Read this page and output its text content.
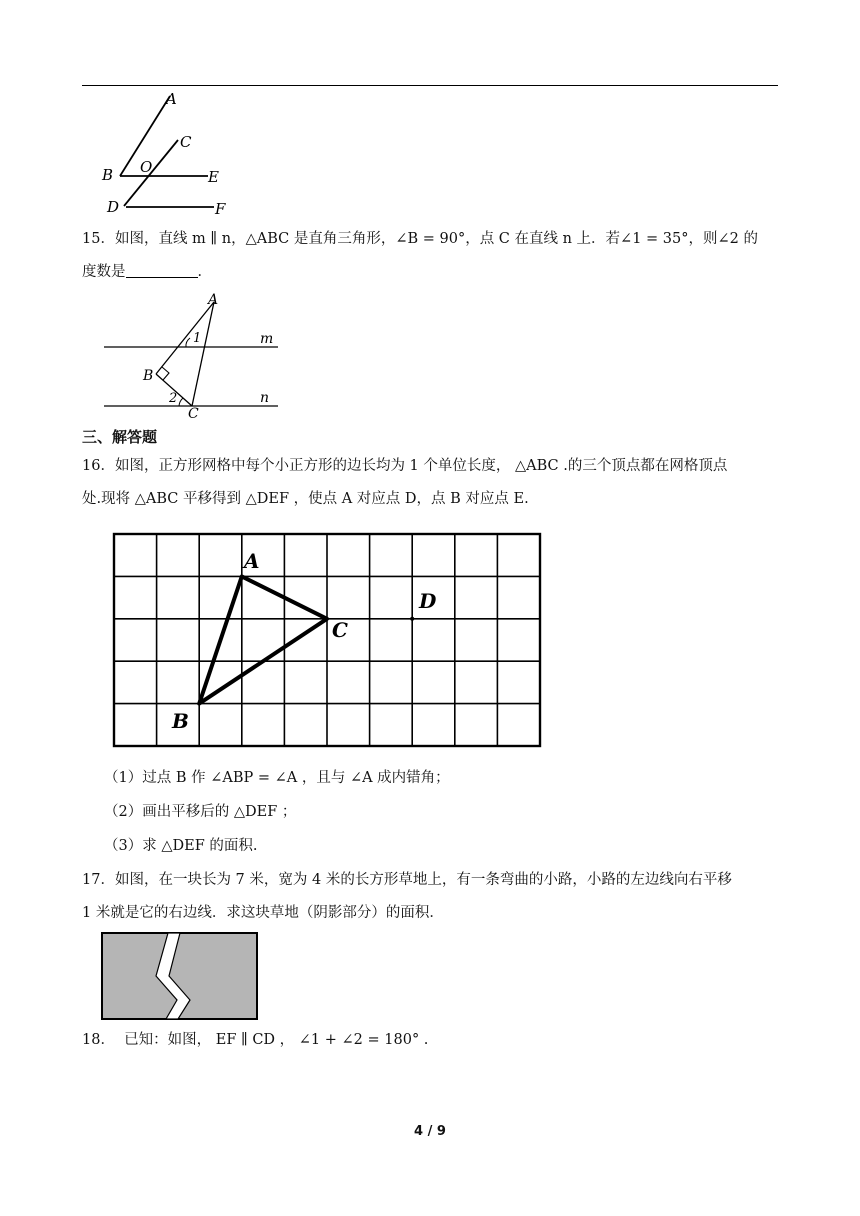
A
B
C
O
E
D	F
15．如图，直线 m ∥ n，△ABC 是直角三角形，∠B = 90°，点 C 在直线 n 上．若∠1 = 35°，则∠2 的
度数是	．
A
1	m
B
2
C
n
三、解答题
16．如图，正方形网格中每个小正方形的边长均为 1 个单位长度， △ABC .的三个顶点都在网格顶点
处.现将 △ABC 平移得到 △DEF ，使点 A 对应点 D，点 B 对应点 E.
A
B
C
D
（1）过点 B 作 ∠ABP = ∠A ，且与 ∠A 成内错角；
（2）画出平移后的 △DEF ；
（3）求 △DEF 的面积.
17．如图，在一块长为 7 米，宽为 4 米的长方形草地上，有一条弯曲的小路，小路的左边线向右平移
1 米就是它的右边线．求这块草地（阴影部分）的面积．
18． 已知：如图， EF ∥ CD ， ∠1 + ∠2 = 180° .
4 / 9
